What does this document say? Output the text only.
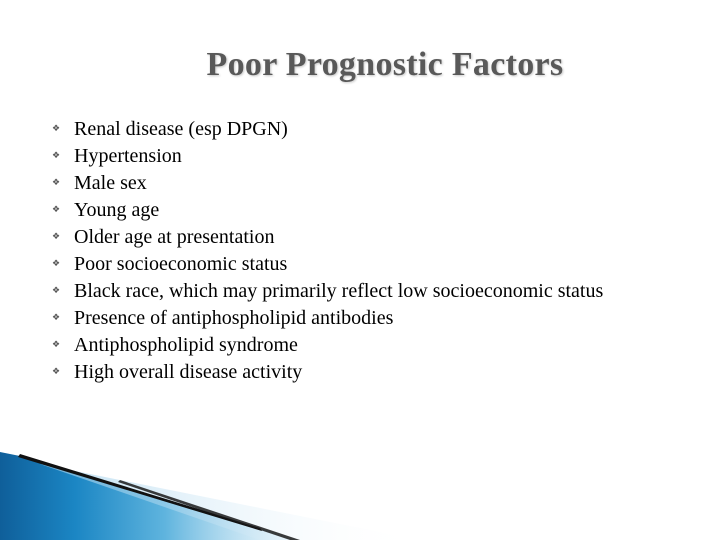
Poor Prognostic Factors
❖ Renal disease (esp DPGN)
❖ Hypertension
❖ Male sex
❖ Young age
❖ Older age at presentation
❖ Poor socioeconomic status
❖ Black race, which may primarily reflect low socioeconomic status
❖ Presence of antiphospholipid antibodies
❖ Antiphospholipid syndrome
❖ High overall disease activity
